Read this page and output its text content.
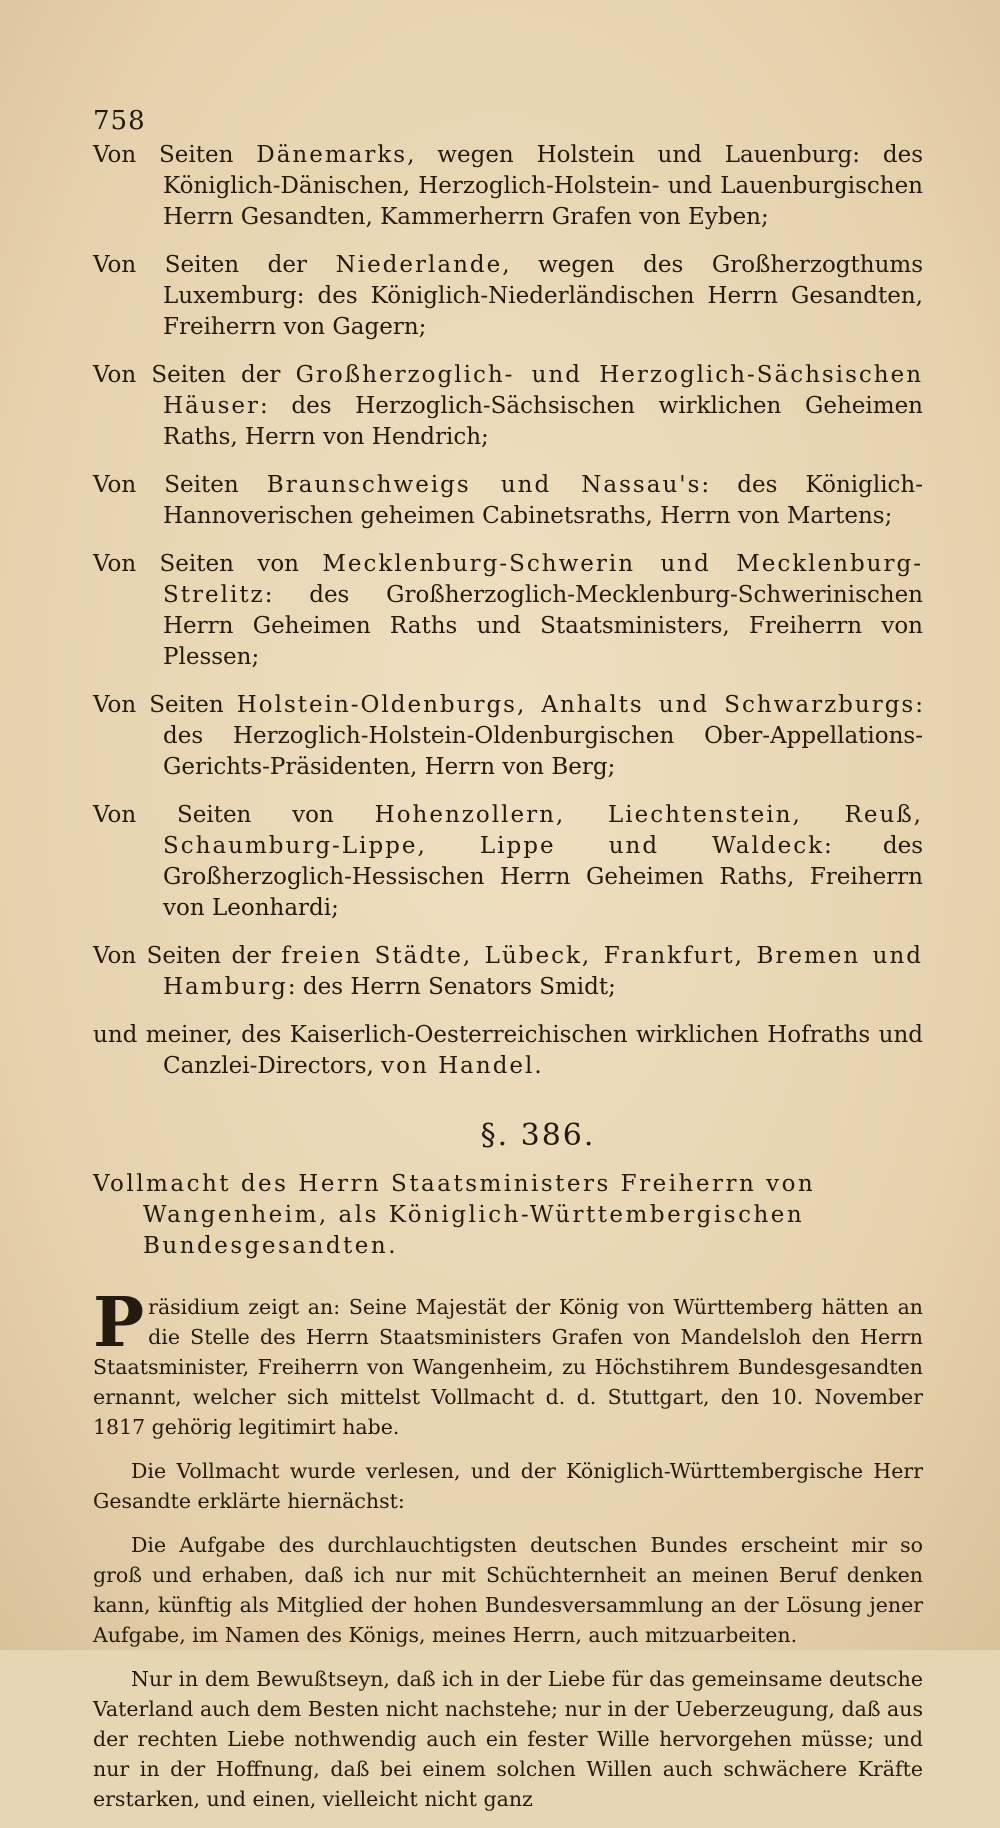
758

Von Seiten Dänemarks, wegen Holstein und Lauenburg: des Königlich-Dänischen, Herzoglich-Holstein- und Lauenburgischen Herrn Gesandten, Kammerherrn Grafen von Eyben;

Von Seiten der Niederlande, wegen des Großherzogthums Luxemburg: des Königlich-Niederländischen Herrn Gesandten, Freiherrn von Gagern;

Von Seiten der Großherzoglich- und Herzoglich-Sächsischen Häuser: des Herzoglich-Sächsischen wirklichen Geheimen Raths, Herrn von Hendrich;

Von Seiten Braunschweigs und Nassau's: des Königlich-Hannoverischen geheimen Cabinetsraths, Herrn von Martens;

Von Seiten von Mecklenburg-Schwerin und Mecklenburg-Strelitz: des Großherzoglich-Mecklenburg-Schwerinischen Herrn Geheimen Raths und Staatsministers, Freiherrn von Plessen;

Von Seiten Holstein-Oldenburgs, Anhalts und Schwarzburgs: des Herzoglich-Holstein-Oldenburgischen Ober-Appellations-Gerichts-Präsidenten, Herrn von Berg;

Von Seiten von Hohenzollern, Liechtenstein, Reuß, Schaumburg-Lippe, Lippe und Waldeck: des Großherzoglich-Hessischen Herrn Geheimen Raths, Freiherrn von Leonhardi;

Von Seiten der freien Städte, Lübeck, Frankfurt, Bremen und Hamburg: des Herrn Senators Smidt;

und meiner, des Kaiserlich-Oesterreichischen wirklichen Hofraths und Canzlei-Directors, von Handel.

§. 386.

Vollmacht des Herrn Staatsministers Freiherrn von Wangenheim, als Königlich-Württembergischen Bundesgesandten.

Präsidium zeigt an: Seine Majestät der König von Württemberg hätten an die Stelle des Herrn Staatsministers Grafen von Mandelsloh den Herrn Staatsminister, Freiherrn von Wangenheim, zu Höchstihrem Bundesgesandten ernannt, welcher sich mittelst Vollmacht d. d. Stuttgart, den 10. November 1817 gehörig legitimirt habe.

Die Vollmacht wurde verlesen, und der Königlich-Württembergische Herr Gesandte erklärte hiernächst:

Die Aufgabe des durchlauchtigsten deutschen Bundes erscheint mir so groß und erhaben, daß ich nur mit Schüchternheit an meinen Beruf denken kann, künftig als Mitglied der hohen Bundesversammlung an der Lösung jener Aufgabe, im Namen des Königs, meines Herrn, auch mitzuarbeiten.

Nur in dem Bewußtseyn, daß ich in der Liebe für das gemeinsame deutsche Vaterland auch dem Besten nicht nachstehe; nur in der Ueberzeugung, daß aus der rechten Liebe nothwendig auch ein fester Wille hervorgehen müsse; und nur in der Hoffnung, daß bei einem solchen Willen auch schwächere Kräfte erstarken, und einen, vielleicht nicht ganz
